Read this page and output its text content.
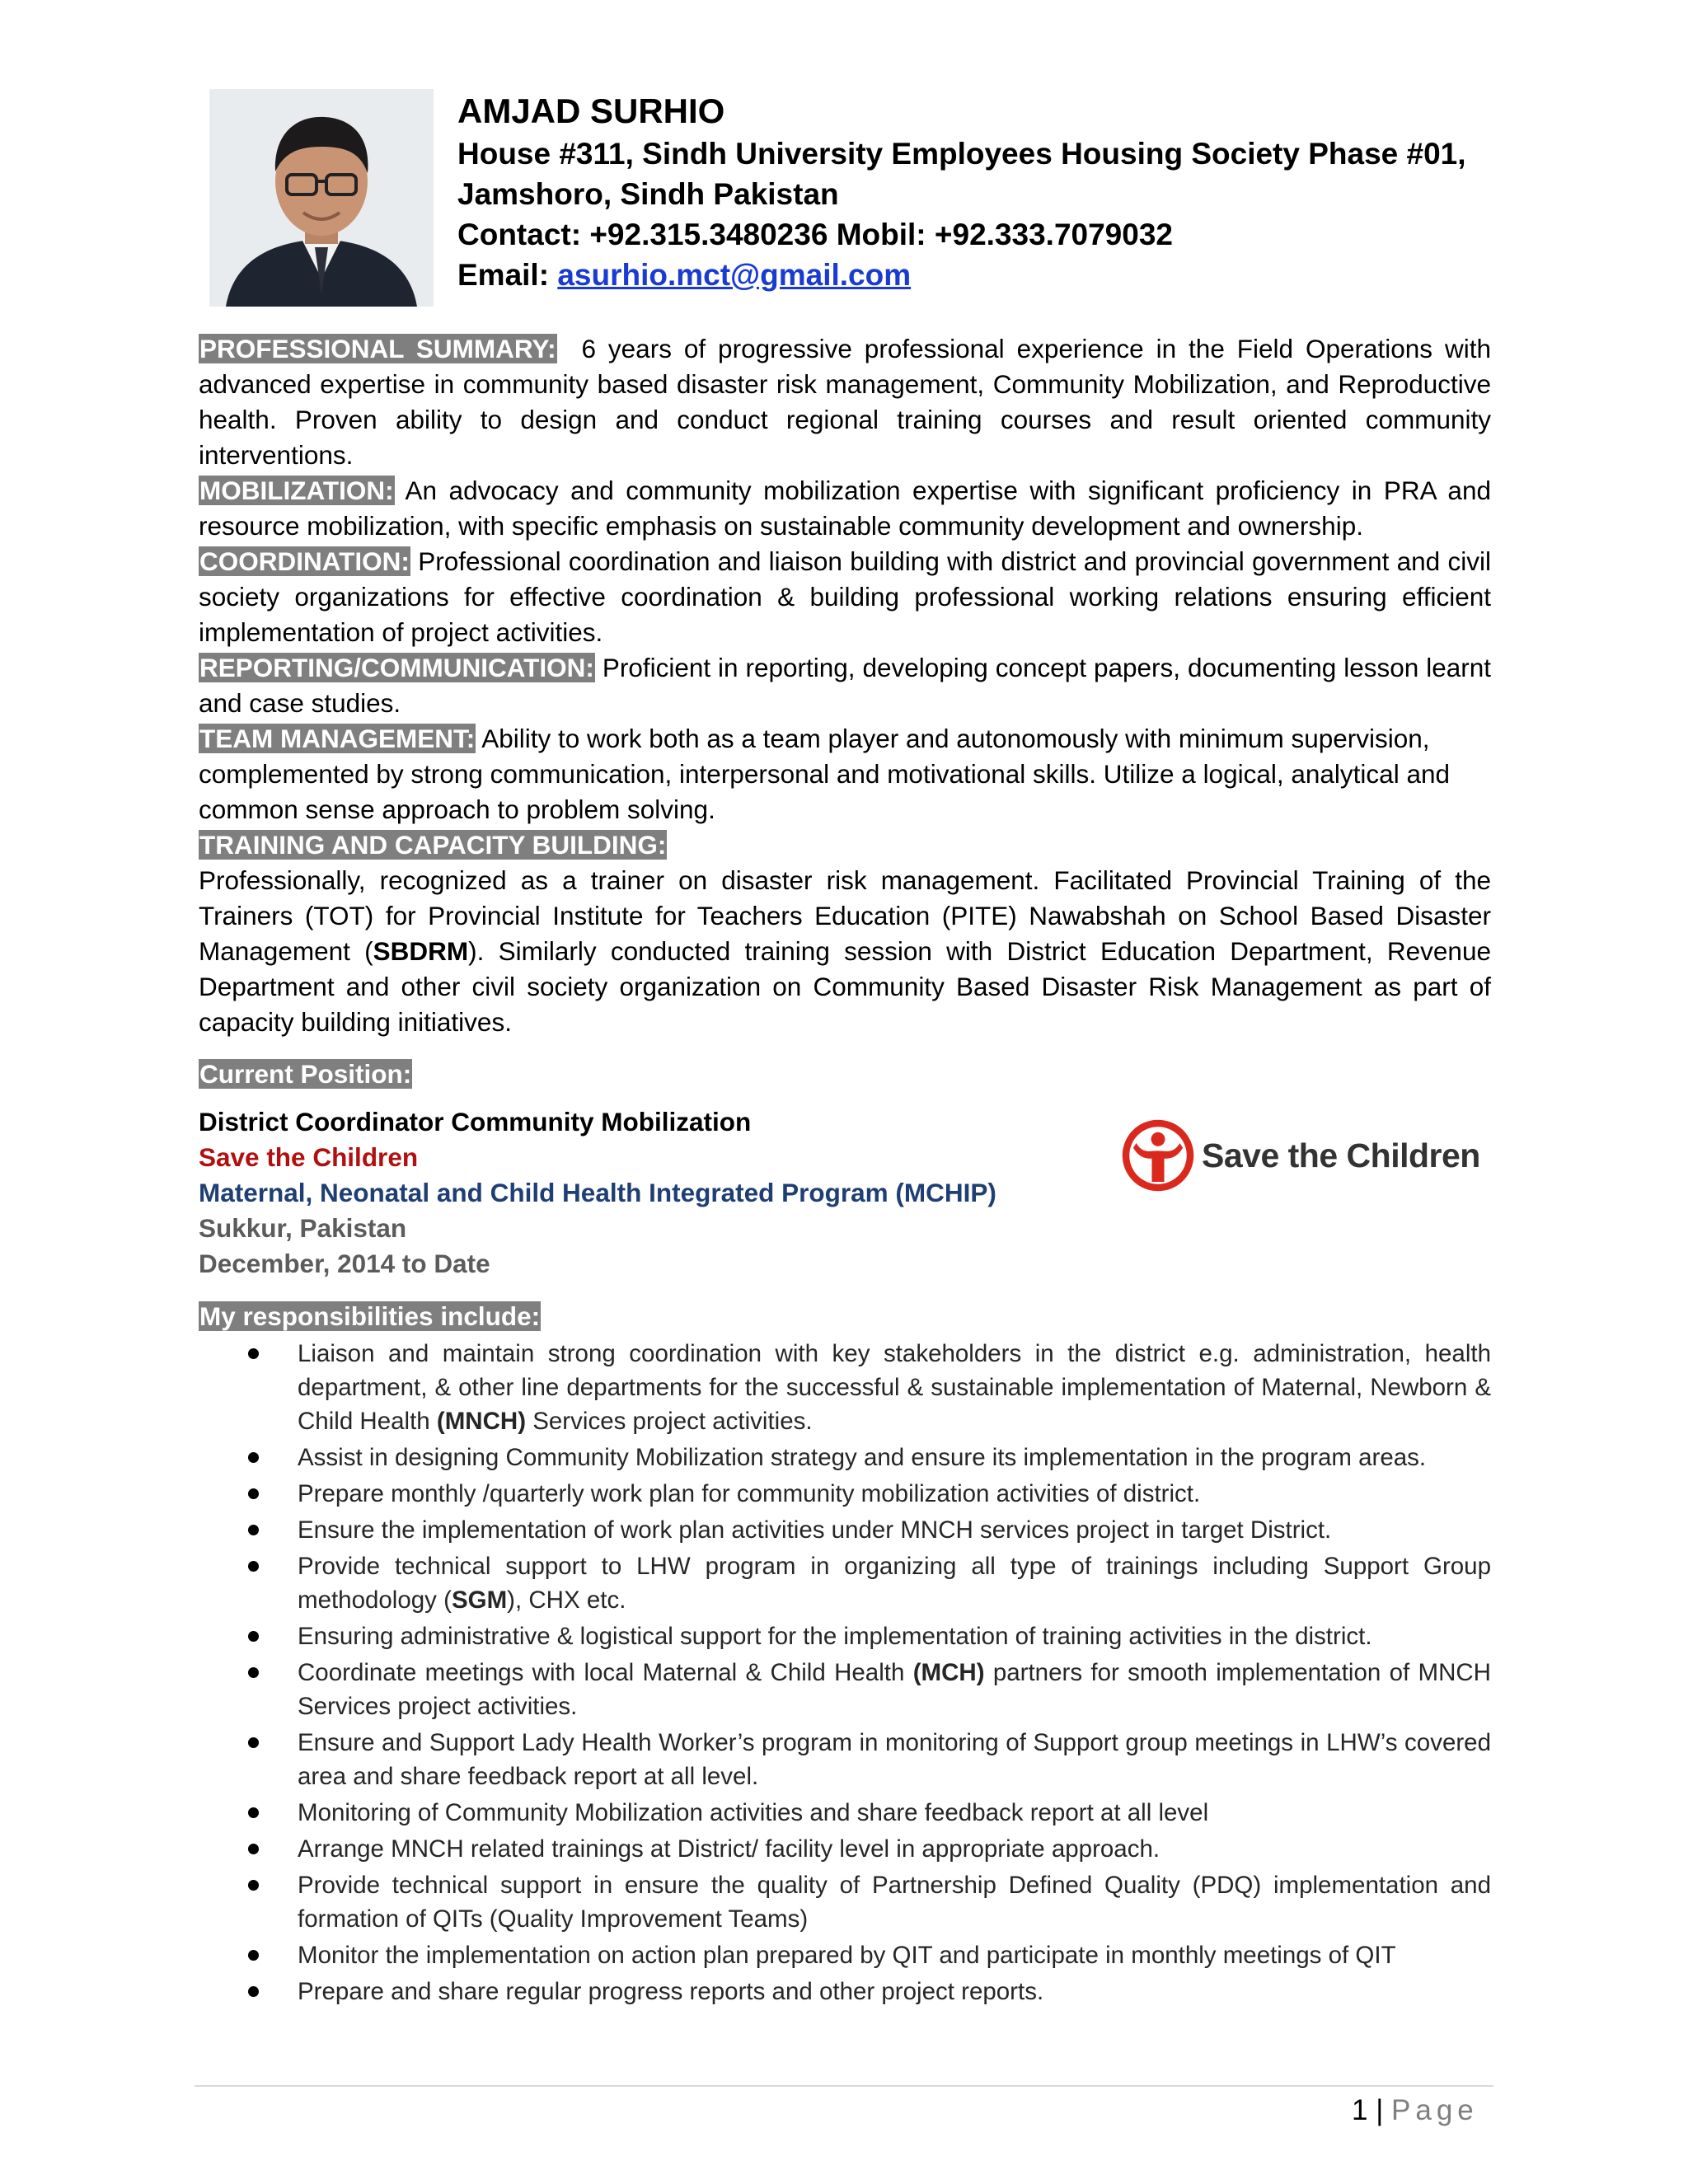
AMJAD SURHIO
House #311, Sindh University Employees Housing Society Phase #01,
Jamshoro, Sindh Pakistan
Contact: +92.315.3480236 Mobil: +92.333.7079032
Email: asurhio.mct@gmail.com

PROFESSIONAL SUMMARY: 6 years of progressive professional experience in the Field Operations with advanced expertise in community based disaster risk management, Community Mobilization, and Reproductive health. Proven ability to design and conduct regional training courses and result oriented community interventions.

MOBILIZATION: An advocacy and community mobilization expertise with significant proficiency in PRA and resource mobilization, with specific emphasis on sustainable community development and ownership.

COORDINATION: Professional coordination and liaison building with district and provincial government and civil society organizations for effective coordination & building professional working relations ensuring efficient implementation of project activities.

REPORTING/COMMUNICATION: Proficient in reporting, developing concept papers, documenting lesson learnt and case studies.

TEAM MANAGEMENT: Ability to work both as a team player and autonomously with minimum supervision, complemented by strong communication, interpersonal and motivational skills. Utilize a logical, analytical and common sense approach to problem solving.

TRAINING AND CAPACITY BUILDING:

Professionally, recognized as a trainer on disaster risk management. Facilitated Provincial Training of the Trainers (TOT) for Provincial Institute for Teachers Education (PITE) Nawabshah on School Based Disaster Management (SBDRM). Similarly conducted training session with District Education Department, Revenue Department and other civil society organization on Community Based Disaster Risk Management as part of capacity building initiatives.

Current Position:

District Coordinator Community Mobilization
Save the Children
Maternal, Neonatal and Child Health Integrated Program (MCHIP)
Sukkur, Pakistan
December, 2014 to Date
Save the Children
My responsibilities include:
Liaison and maintain strong coordination with key stakeholders in the district e.g. administration, health department, & other line departments for the successful & sustainable implementation of Maternal, Newborn & Child Health (MNCH) Services project activities.
Assist in designing Community Mobilization strategy and ensure its implementation in the program areas.
Prepare monthly /quarterly work plan for community mobilization activities of district.
Ensure the implementation of work plan activities under MNCH services project in target District.
Provide technical support to LHW program in organizing all type of trainings including Support Group methodology (SGM), CHX etc.
Ensuring administrative & logistical support for the implementation of training activities in the district.
Coordinate meetings with local Maternal & Child Health (MCH) partners for smooth implementation of MNCH Services project activities.
Ensure and Support Lady Health Worker’s program in monitoring of Support group meetings in LHW’s covered area and share feedback report at all level.
Monitoring of Community Mobilization activities and share feedback report at all level
Arrange MNCH related trainings at District/ facility level in appropriate approach.
Provide technical support in ensure the quality of Partnership Defined Quality (PDQ) implementation and formation of QITs (Quality Improvement Teams)
Monitor the implementation on action plan prepared by QIT and participate in monthly meetings of QIT
Prepare and share regular progress reports and other project reports.
1 | Page
